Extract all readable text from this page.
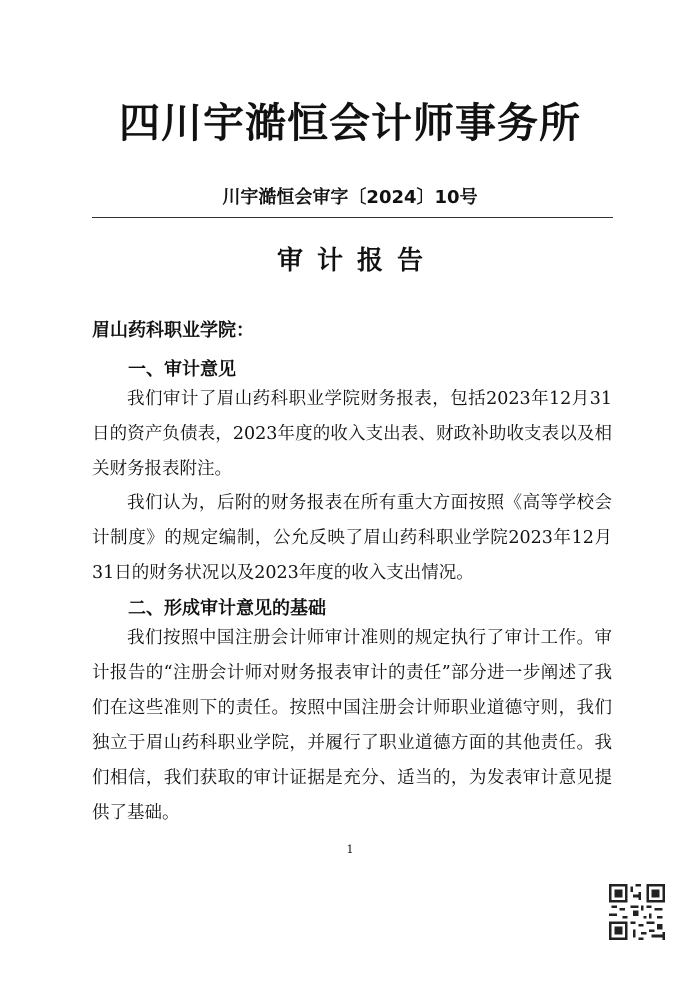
四川宇澔恒会计师事务所
川宇澔恒会审字〔2024〕10号
审计报告
眉山药科职业学院：
一、审计意见
我们审计了眉山药科职业学院财务报表，包括2023年12月31日的资产负债表，2023年度的收入支出表、财政补助收支表以及相关财务报表附注。
我们认为，后附的财务报表在所有重大方面按照《高等学校会计制度》的规定编制，公允反映了眉山药科职业学院2023年12月31日的财务状况以及2023年度的收入支出情况。
二、形成审计意见的基础
我们按照中国注册会计师审计准则的规定执行了审计工作。审计报告的“注册会计师对财务报表审计的责任”部分进一步阐述了我们在这些准则下的责任。按照中国注册会计师职业道德守则，我们独立于眉山药科职业学院，并履行了职业道德方面的其他责任。我们相信，我们获取的审计证据是充分、适当的，为发表审计意见提供了基础。
1
